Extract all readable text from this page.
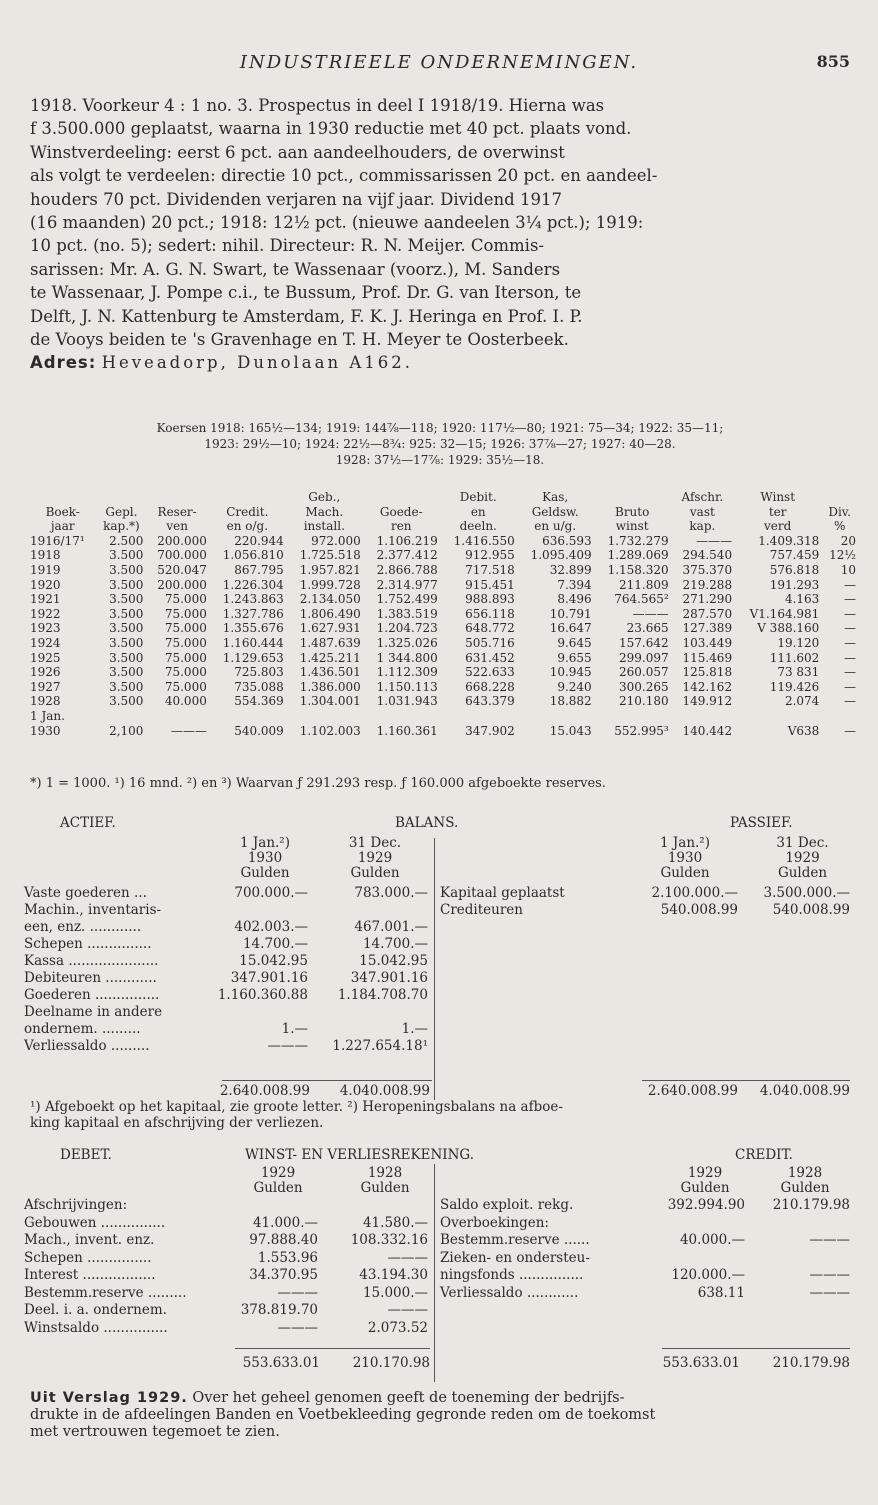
INDUSTRIEELE ONDERNEMINGEN.	855
1918. Voorkeur 4 : 1 no. 3. Prospectus in deel I 1918/19. Hierna was
f 3.500.000 geplaatst, waarna in 1930 reductie met 40 pct. plaats vond.
Winstverdeeling: eerst 6 pct. aan aandeelhouders, de overwinst
als volgt te verdeelen: directie 10 pct., commissarissen 20 pct. en aandeel-
houders 70 pct. Dividenden verjaren na vijf jaar. Dividend 1917
(16 maanden) 20 pct.; 1918: 12½ pct. (nieuwe aandeelen 3¼ pct.); 1919:
10 pct. (no. 5); sedert: nihil. Directeur: R. N. Meijer. Commis-
sarissen: Mr. A. G. N. Swart, te Wassenaar (voorz.), M. Sanders
te Wassenaar, J. Pompe c.i., te Bussum, Prof. Dr. G. van Iterson, te
Delft, J. N. Kattenburg te Amsterdam, F. K. J. Heringa en Prof. I. P.
de Vooys beiden te 's Gravenhage en T. H. Meyer te Oosterbeek.
Adres: Heveadorp, Dunolaan A162.
Koersen 1918: 165½—134; 1919: 144⅞—118; 1920: 117½—80; 1921: 75—34; 1922: 35—11;
1923: 29½—10; 1924: 22½—8¾: 925: 32—15; 1926: 37⅞—27; 1927: 40—28.
1928: 37½—17⅞: 1929: 35½—18.
				Geb.,		Debit.	Kas,		Afschr.	Winst	
Boek-	Gepl.	Reser-	Credit.	Mach.	Goede-	en	Geldsw.	Bruto	vast	ter	Div.
jaar	kap.*)	ven	en o/g.	install.	ren	deeln.	en u/g.	winst	kap.	verd	%
1916/17¹	2.500	200.000	220.944	972.000	1.106.219	1.416.550	636.593	1.732.279	———	1.409.318	20
1918	3.500	700.000	1.056.810	1.725.518	2.377.412	912.955	1.095.409	1.289.069	294.540	757.459	12½
1919	3.500	520.047	867.795	1.957.821	2.866.788	717.518	32.899	1.158.320	375.370	576.818	10
1920	3.500	200.000	1.226.304	1.999.728	2.314.977	915.451	7.394	211.809	219.288	191.293	—
1921	3.500	75.000	1.243.863	2.134.050	1.752.499	988.893	8.496	764.565²	271.290	4.163	—
1922	3.500	75.000	1.327.786	1.806.490	1.383.519	656.118	10.791	———	287.570	V1.164.981	—
1923	3.500	75.000	1.355.676	1.627.931	1.204.723	648.772	16.647	23.665	127.389	V 388.160	—
1924	3.500	75.000	1.160.444	1.487.639	1.325.026	505.716	9.645	157.642	103.449	19.120	—
1925	3.500	75.000	1.129.653	1.425.211	1 344.800	631.452	9.655	299.097	115.469	111.602	—
1926	3.500	75.000	725.803	1.436.501	1.112.309	522.633	10.945	260.057	125.818	73 831	—
1927	3.500	75.000	735.088	1.386.000	1.150.113	668.228	9.240	300.265	142.162	119.426	—
1928	3.500	40.000	554.369	1.304.001	1.031.943	643.379	18.882	210.180	149.912	2.074	—
1 Jan.											
1930	2,100	———	540.009	1.102.003	1.160.361	347.902	15.043	552.995³	140.442	V638	—
*) 1 = 1000. ¹) 16 mnd. ²) en ³) Waarvan ƒ 291.293 resp. ƒ 160.000 afgeboekte reserves.
ACTIEF.	BALANS.	PASSIEF.
1 Jan.²)
1930
Gulden
31 Dec.
1929
Gulden
1 Jan.²)
1930
Gulden
31 Dec.
1929
Gulden
Vaste goederen ...	700.000.—	783.000.—
Machin., inventaris-
een, enz. ............	402.003.—	467.001.—
Schepen ...............	14.700.—	14.700.—
Kassa .....................	15.042.95	15.042.95
Debiteuren ............	347.901.16	347.901.16
Goederen ...............	1.160.360.88	1.184.708.70
Deelname in andere
ondernem. .........	1.—	1.—
Verliessaldo .........	———	1.227.654.18¹
Kapitaal geplaatst	2.100.000.—	3.500.000.—
Crediteuren	540.008.99	540.008.99
2.640.008.99	4.040.008.99	2.640.008.99	4.040.008.99
¹) Afgeboekt op het kapitaal, zie groote letter. ²) Heropeningsbalans na afboe-
king kapitaal en afschrijving der verliezen.
DEBET.	WINST- EN VERLIESREKENING.	CREDIT.
1929
Gulden
1928
Gulden
1929
Gulden
1928
Gulden
Afschrijvingen:
Gebouwen ...............	41.000.—	41.580.—
Mach., invent. enz.	97.888.40	108.332.16
Schepen ...............	1.553.96	———
Interest .................	34.370.95	43.194.30
Bestemm.reserve .........	———	15.000.—
Deel. i. a. ondernem.	378.819.70	———
Winstsaldo ...............	———	2.073.52
Saldo exploit. rekg.	392.994.90	210.179.98
Overboekingen:
Bestemm.reserve ......	40.000.—	———
Zieken- en ondersteu-
ningsfonds ...............	120.000.—	———
Verliessaldo ............	638.11	———
553.633.01	210.170.98	553.633.01	210.179.98
Uit Verslag 1929. Over het geheel genomen geeft de toeneming der bedrijfs-
drukte in de afdeelingen Banden en Voetbekleeding gegronde reden om de toekomst
met vertrouwen tegemoet te zien.
